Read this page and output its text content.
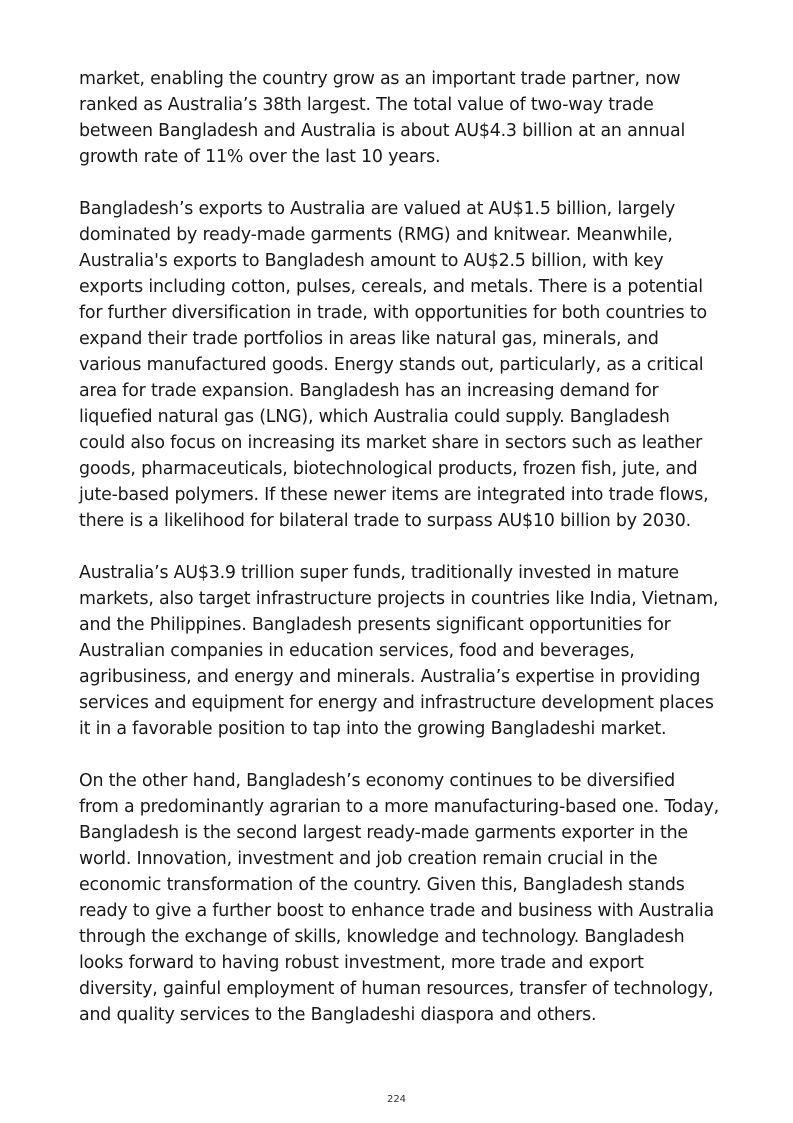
market, enabling the country grow as an important trade partner, now ranked as Australia’s 38th largest. The total value of two-way trade between Bangladesh and Australia is about AU$4.3 billion at an annual growth rate of 11% over the last 10 years.

Bangladesh’s exports to Australia are valued at AU$1.5 billion, largely dominated by ready-made garments (RMG) and knitwear. Meanwhile, Australia's exports to Bangladesh amount to AU$2.5 billion, with key exports including cotton, pulses, cereals, and metals. There is a potential for further diversification in trade, with opportunities for both countries to expand their trade portfolios in areas like natural gas, minerals, and various manufactured goods. Energy stands out, particularly, as a critical area for trade expansion. Bangladesh has an increasing demand for liquefied natural gas (LNG), which Australia could supply. Bangladesh could also focus on increasing its market share in sectors such as leather goods, pharmaceuticals, biotechnological products, frozen fish, jute, and jute-based polymers. If these newer items are integrated into trade flows, there is a likelihood for bilateral trade to surpass AU$10 billion by 2030.

Australia’s AU$3.9 trillion super funds, traditionally invested in mature markets, also target infrastructure projects in countries like India, Vietnam, and the Philippines. Bangladesh presents significant opportunities for Australian companies in education services, food and beverages, agribusiness, and energy and minerals. Australia’s expertise in providing services and equipment for energy and infrastructure development places it in a favorable position to tap into the growing Bangladeshi market.

On the other hand, Bangladesh’s economy continues to be diversified from a predominantly agrarian to a more manufacturing-based one. Today, Bangladesh is the second largest ready-made garments exporter in the world. Innovation, investment and job creation remain crucial in the economic transformation of the country. Given this, Bangladesh stands ready to give a further boost to enhance trade and business with Australia through the exchange of skills, knowledge and technology. Bangladesh looks forward to having robust investment, more trade and export diversity, gainful employment of human resources, transfer of technology, and quality services to the Bangladeshi diaspora and others.

224
